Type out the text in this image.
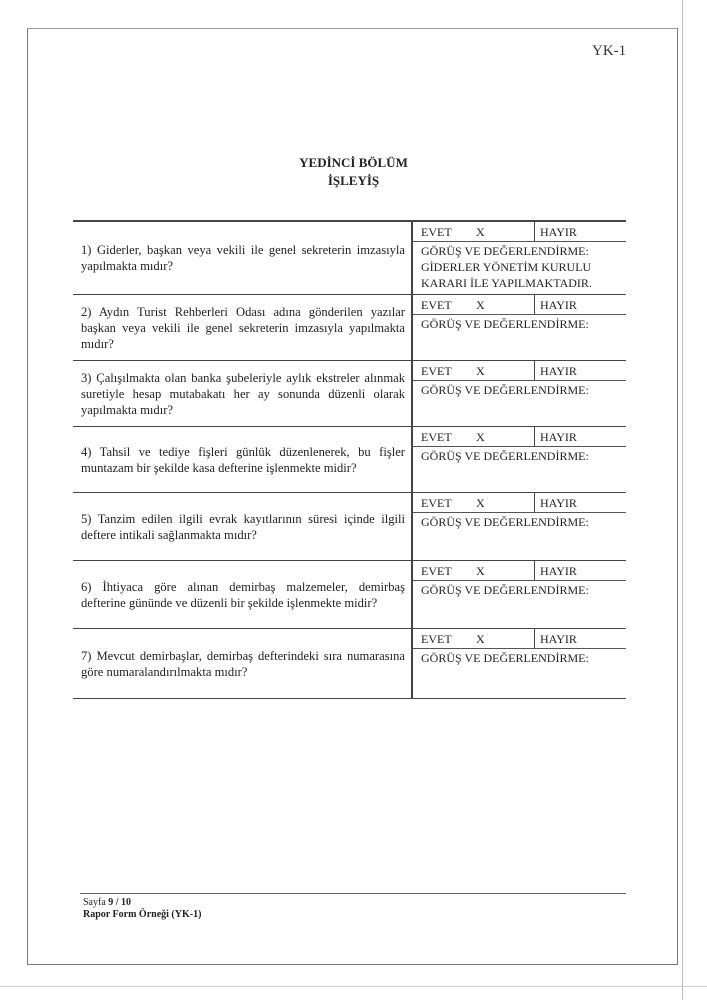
YK-1
YEDİNCİ BÖLÜM
İŞLEYİŞ
1) Giderler, başkan veya vekili ile genel sekreterin imzasıyla yapılmakta mıdır?
EVET X	HAYIR
GÖRÜŞ VE DEĞERLENDİRME:
GİDERLER YÖNETİM KURULU KARARI İLE YAPILMAKTADIR.
2) Aydın Turist Rehberleri Odası adına gönderilen yazılar başkan veya vekili ile genel sekreterin imzasıyla yapılmakta mıdır?
EVET X	HAYIR
GÖRÜŞ VE DEĞERLENDİRME:
3) Çalışılmakta olan banka şubeleriyle aylık ekstreler alınmak suretiyle hesap mutabakatı her ay sonunda düzenli olarak yapılmakta mıdır?
EVET X	HAYIR
GÖRÜŞ VE DEĞERLENDİRME:
4) Tahsil ve tediye fişleri günlük düzenlenerek, bu fişler muntazam bir şekilde kasa defterine işlenmekte midir?
EVET X	HAYIR
GÖRÜŞ VE DEĞERLENDİRME:
5) Tanzim edilen ilgili evrak kayıtlarının süresi içinde ilgili deftere intikali sağlanmakta mıdır?
EVET X	HAYIR
GÖRÜŞ VE DEĞERLENDİRME:
6) İhtiyaca göre alınan demirbaş malzemeler, demirbaş defterine gününde ve düzenli bir şekilde işlenmekte midir?
EVET X	HAYIR
GÖRÜŞ VE DEĞERLENDİRME:
7) Mevcut demirbaşlar, demirbaş defterindeki sıra numarasına göre numaralandırılmakta mıdır?
EVET X	HAYIR
GÖRÜŞ VE DEĞERLENDİRME:
Sayfa 9 / 10
Rapor Form Örneği (YK-1)
